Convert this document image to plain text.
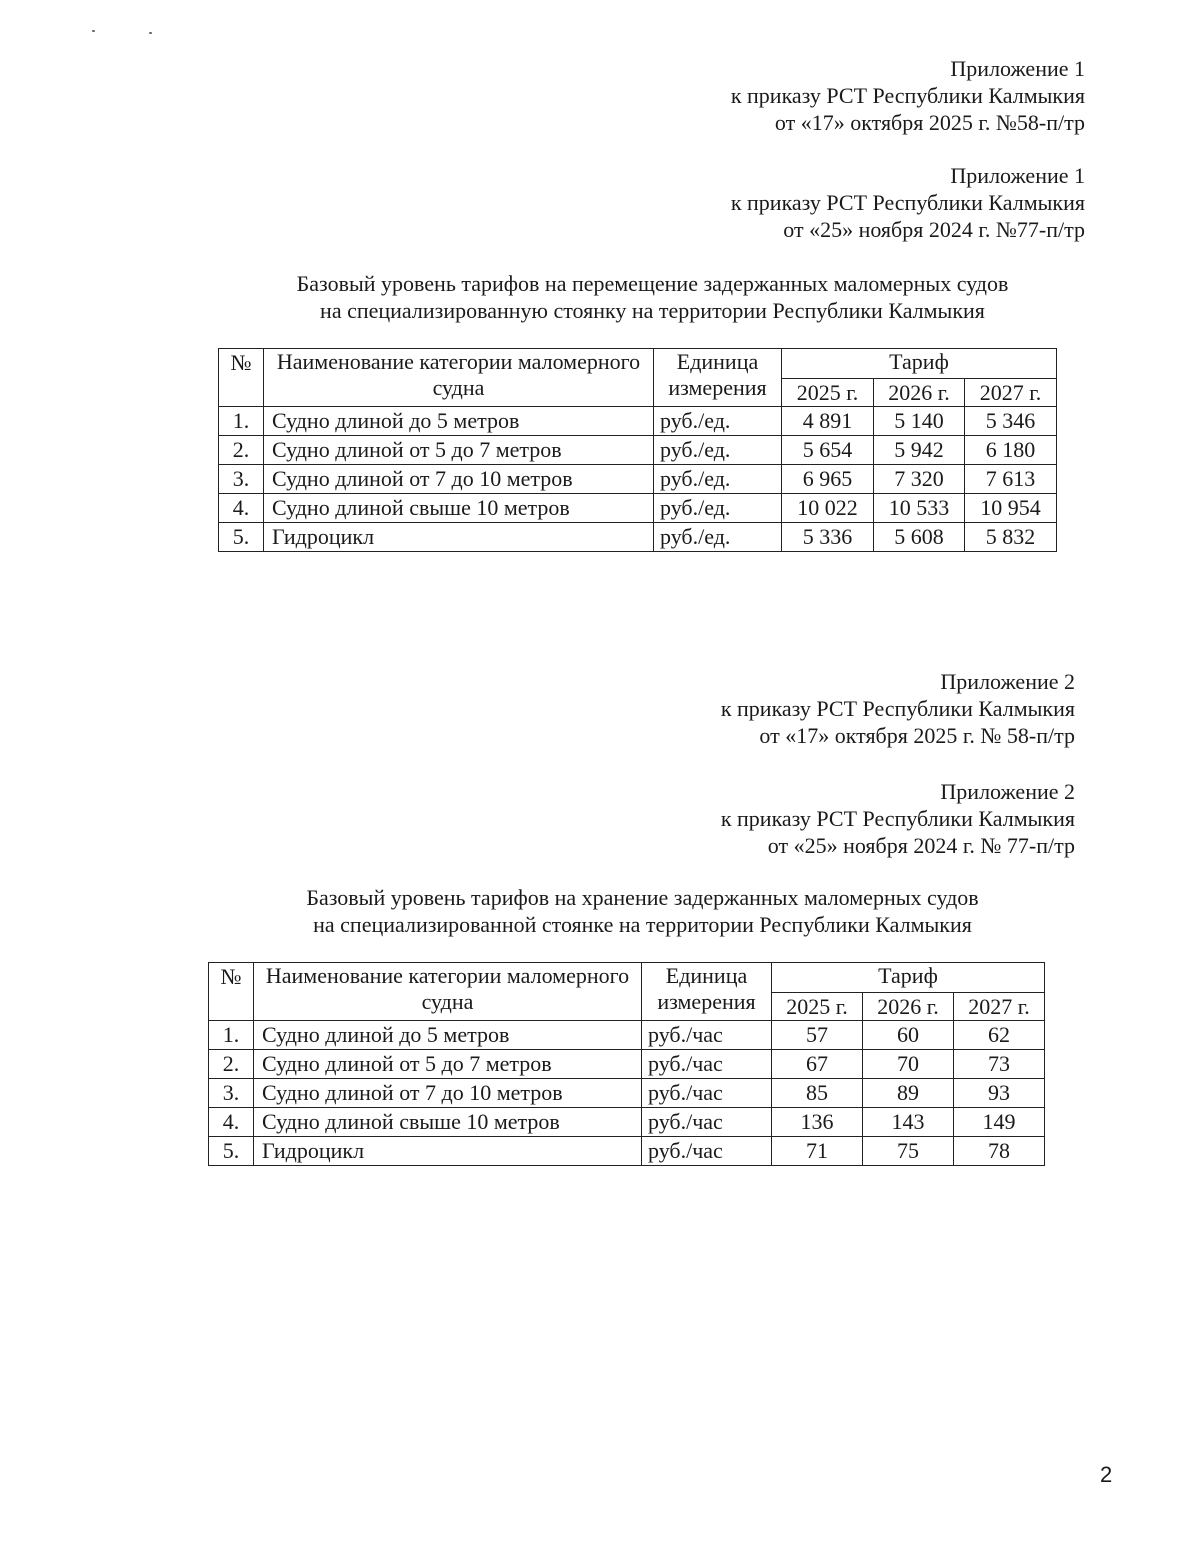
Приложение 1
к приказу РСТ Республики Калмыкия
от «17» октября 2025 г. №58-п/тр
Приложение 1
к приказу РСТ Республики Калмыкия
от «25» ноября 2024 г. №77-п/тр
Базовый уровень тарифов на перемещение задержанных маломерных судов
на специализированную стоянку на территории Республики Калмыкия
№	Наименование категории маломерного судна	Единица измерения	Тариф		
			2025 г.	2026 г.	2027 г.
1.	Судно длиной до 5 метров	руб./ед.	4 891	5 140	5 346
2.	Судно длиной от 5 до 7 метров	руб./ед.	5 654	5 942	6 180
3.	Судно длиной от 7 до 10 метров	руб./ед.	6 965	7 320	7 613
4.	Судно длиной свыше 10 метров	руб./ед.	10 022	10 533	10 954
5.	Гидроцикл	руб./ед.	5 336	5 608	5 832
Приложение 2
к приказу РСТ Республики Калмыкия
от «17» октября 2025 г. № 58-п/тр
Приложение 2
к приказу РСТ Республики Калмыкия
от «25» ноября 2024 г. № 77-п/тр
Базовый уровень тарифов на хранение задержанных маломерных судов
на специализированной стоянке на территории Республики Калмыкия
№	Наименование категории маломерного судна	Единица измерения	Тариф		
			2025 г.	2026 г.	2027 г.
1.	Судно длиной до 5 метров	руб./час	57	60	62
2.	Судно длиной от 5 до 7 метров	руб./час	67	70	73
3.	Судно длиной от 7 до 10 метров	руб./час	85	89	93
4.	Судно длиной свыше 10 метров	руб./час	136	143	149
5.	Гидроцикл	руб./час	71	75	78
2
